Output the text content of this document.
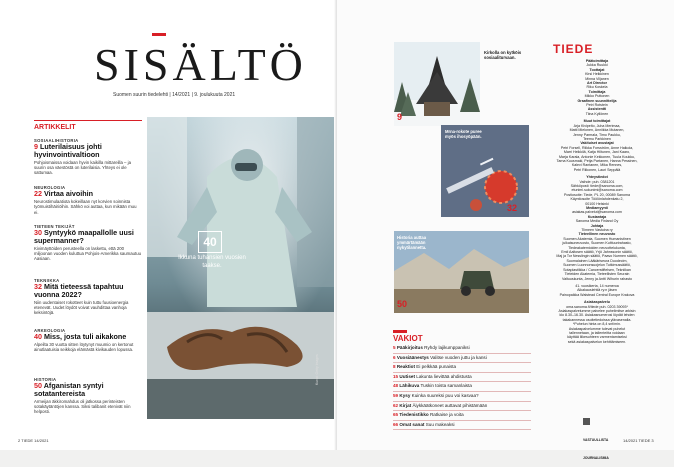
SISÄLTÖ
Suomen suurin tiedelehti | 14/2021 | 9. joulukuuta 2021
ARTIKKELIT
SOSIAALIHISTORIA
9 Luterilaisuus johti hyvinvointivaltioon
Pohjoismaissa voidaan hyvin kaikilla mittareilla – ja suurin osa väestöstä on luterilaisia. Yhteys ei ole sattumaa.
NEUROLOGIA
22 Virtaa aivoihin
Neurostimulaatiota kokeillaan nyt korvien soinnista työmuistihäiriöihin. Sähkö voi auttaa, kun mikään muu ei.
TIETEEN TEKIJÄT
30 Syntyykö maapallolle uusi supermanner?
Kivimäyttöiden perusteella on laskettu, että 200 miljoonan vuoden kuluttua Pohjois-Amerikka saumautuu Aasiaan.
TEKNIIKKA
32 Mitä tieteessä tapahtuu vuonna 2022?
Niin uudentaiset rokotteet kuin tuttu fuusioenergia etenevät. Uudet löydöt voivat vauhdittaa vanhoja keksintöjä.
ARKEOLOGIA
40 Miss, josta tuli aikakone
Alpeilta 30 vuotta sitten löytynyt muumio on kertonut ainutlaatuisia seikkoja elämästä kivikauden lopussa.
HISTORIA
50 Afganistan syntyi sotatantereista
Armeijan äkkiromahdus oli jatkossa perinteisten sotakäytäntöjen kanssa. Siksi talibanit etenivät niin helposti.
40
Ikkuna tuhansien vuosien taakse.
Kuvat: Getty Images
2 TIEDE 14/2021
9
Kirkolla on kytköis sosiaaliturvaan.
Mrna-rokote puree myös ihosyöpään.
32
Historia auttaa ymmärtämään nykytilannetta.
50
VAKIOT
5 Pääkirjoitus Ryhdy lajikumppaniksi
6 Vuosiäänestys Valitse vuoden juttu ja kansi
8 Reaktiot Ei pelkkää punaista
15 Uutiset Lakunta lievittää ahdistusta
48 Lähikuva Tuskin toista samanlaista
59 Kysy Kuinka suureksi puu voi kasvaa?
62 Kirjat Äiykkäätkoneet auttavat pihistämään
65 Tiedenistikko Ratkaise ja voita
66 Omat sanat Suu makeaksi
TIEDE
Päätoimittaja
Jukka Ruukki
Toottajat
Kirsi Heikkinen
Minna Viljanen
Art Director
Riku Koskela
Toimittaja
Mikko Puttonen
Graafinen suunnittelija
Petri Rotstein
Assistentti
Tiina Kyllönen
Muut toimittajat
Arja Kivipelto, Juha Merimaa,
Matti Mielonen, Anniikka Mutanen,
Jenny Parmala, Timo Paukku,
Teemu Parkkinen
Vakituiset avustajat
Petri Forsell, Riikka Forsström, Anne Haikola,
Marri Heikkilä, Katja Hiltunen, Jani Kaaro,
Marja Karala, Antonie Kekkonen, Tuula Koukku,
Tarna Kuusmaki, Petja Partanen, Hanna Pessinen,
Kalevi Rantanen, Mika Rennes,
Petri Riikonen, Lauri Seppälä
Yhteystiedot
Vaihde: puh. 0381201
Sähköposti: tiede@sanoma.com,
etunimi.sukunimi@sanoma.com
Postiosoite: Tiede, PL 20, 00089 Sanoma
Käyntiosoite Töölönlahdenkatu 2,
00100 Helsinki
Mediamyynti
asiakas.palvelut@sanoma.com
Kustantaja
Sanoma Media Finland Oy
Johtaja
Tiimeen Vastuina ry
Tieteellinen neuvosto
Suomen Akatemia, Suomen Humanistinen
julkaisuneuvosto, Suomen Kulttuurirahasto,
Tiedeakatemioiden neuvottelukunta,
Emil Aaltosen säätiö, Yrjö Jahnssonin säätiö,
Maj ja Tor Nesslingin säätiö, Paavo Nurmen säätiö,
Suomalainen Lääkäriseura Duodecim,
Suomen Luonnonsuojelun Tutkimussäätiö,
Sotaplastiikka / Cancerstiftelsen, Tekniikan
Tieteiden Akatemia, Tieteellisten Seurain
Valtuuskunta, Jenny ja Antti Wihurin rahasto
41. vuosikerta, 14 numeroa
Aikakauslehtiä ry:n jäsen
Painopaikka Walstead Central Europe Krakova
Asiakaspalvelu
oma.sanoma.fi/tiede puh. 0203 39093*
Asiakaspalvelumme palvelee puhelimitse arkisin
klo 8.30–16.30. Asiakasnumerosi löydät lehden
takakannessa osoitetiedoissa ylävasenalla.
*Puhelun hinta on 8,4 snt/min.
Asiakaspalvelumme tulevat puhelut
tallennetaan, ja tallenteitta voidaan
käyttää liikesuhteen varmentamiseksi
sekä asiakaspalvelun kehittämiseen.
VASTUULLISTA JOURNALISMIA
14/2021 TIEDE 3
